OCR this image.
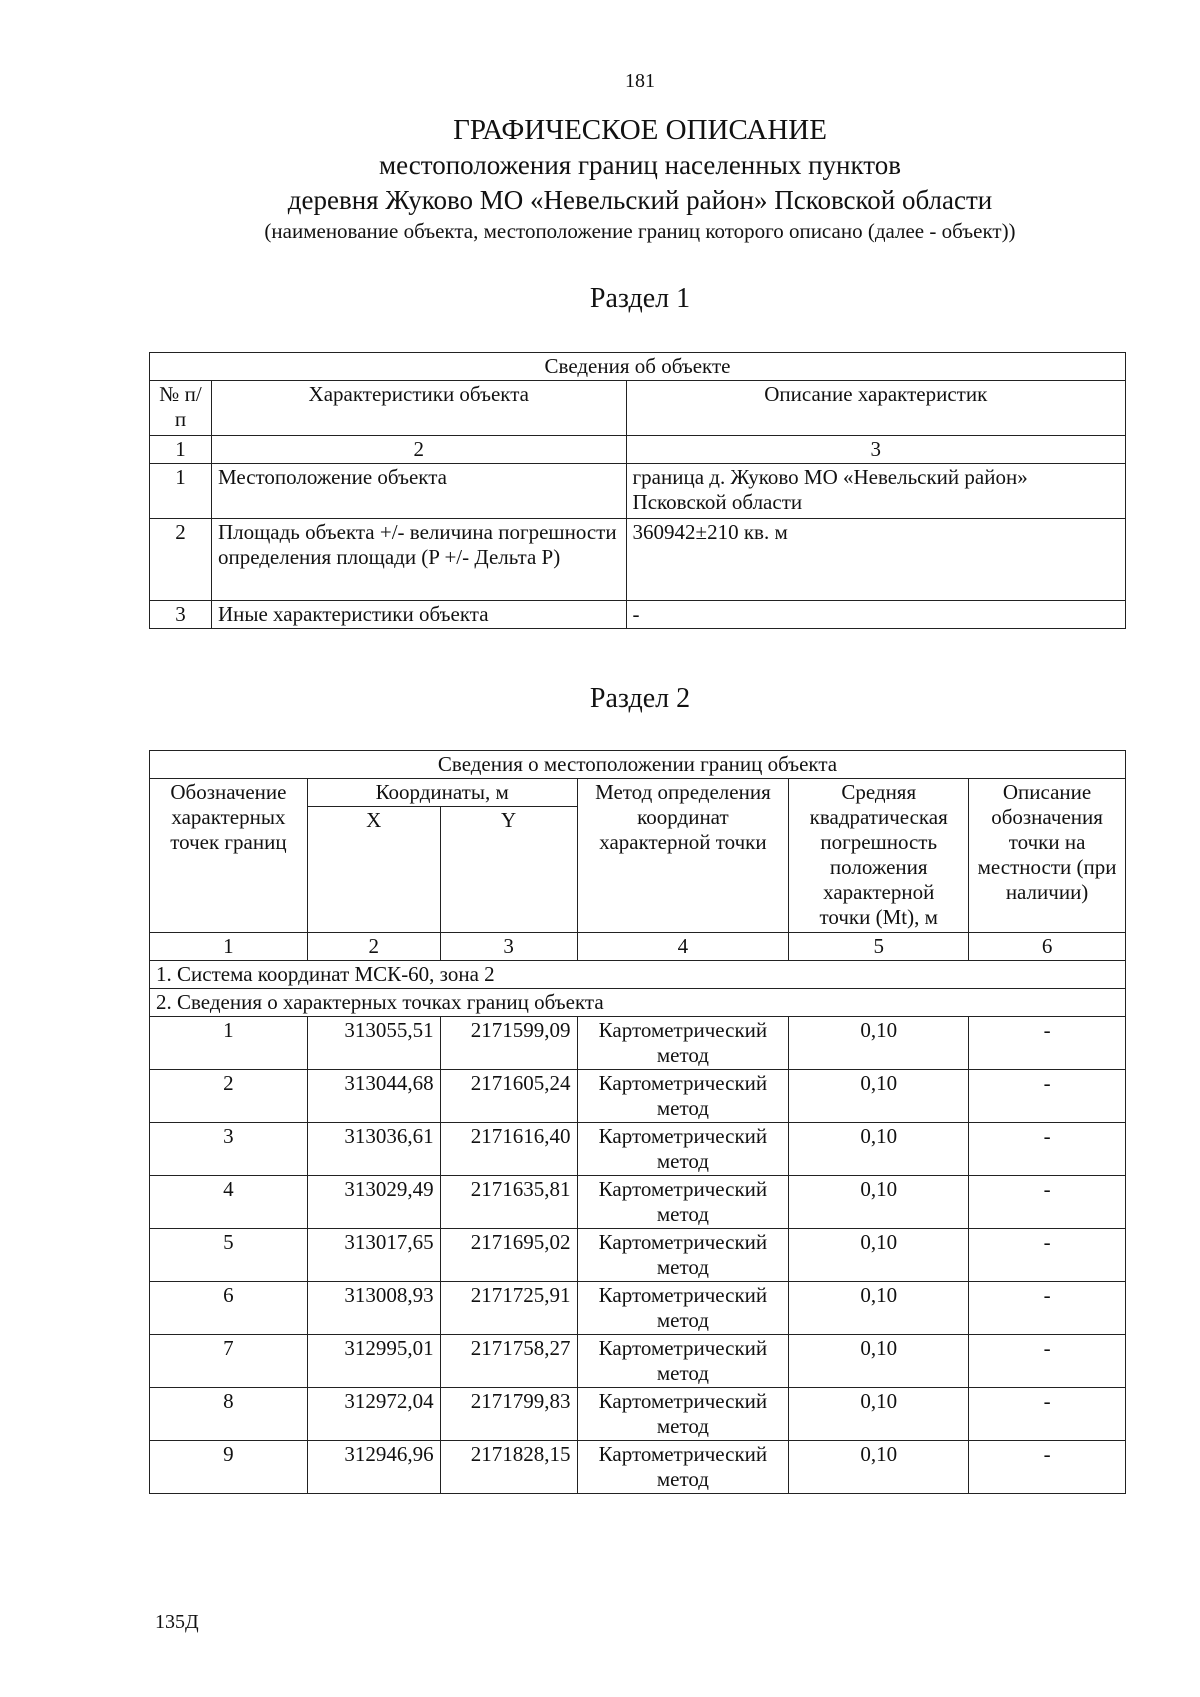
181
ГРАФИЧЕСКОЕ ОПИСАНИЕ
местоположения границ населенных пунктов
деревня Жуково МО «Невельский район» Псковской области
(наименование объекта, местоположение границ которого описано (далее - объект))
Раздел 1
Сведения об объекте		
№ п/п	Характеристики объекта	Описание характеристик
1	2	3
1	Местоположение объекта	граница д. Жуково МО «Невельский район» Псковской области
2	Площадь объекта +/- величина погрешности определения площади (P +/- Дельта P)	360942±210 кв. м
3	Иные характеристики объекта	-
Раздел 2
Сведения о местоположении границ объекта					
Обозначение характерных точек границ	Координаты, м		Метод определения координат характерной точки	Средняя квадратическая погрешность положения характерной точки (Mt), м	Описание обозначения точки на местности (при наличии)
	X	Y			
1	2	3	4	5	6
1. Система координат МСК-60, зона 2					
2. Сведения о характерных точках границ объекта					
1	313055,51	2171599,09	Картометрический метод	0,10	-
2	313044,68	2171605,24	Картометрический метод	0,10	-
3	313036,61	2171616,40	Картометрический метод	0,10	-
4	313029,49	2171635,81	Картометрический метод	0,10	-
5	313017,65	2171695,02	Картометрический метод	0,10	-
6	313008,93	2171725,91	Картометрический метод	0,10	-
7	312995,01	2171758,27	Картометрический метод	0,10	-
8	312972,04	2171799,83	Картометрический метод	0,10	-
9	312946,96	2171828,15	Картометрический метод	0,10	-
135Д
